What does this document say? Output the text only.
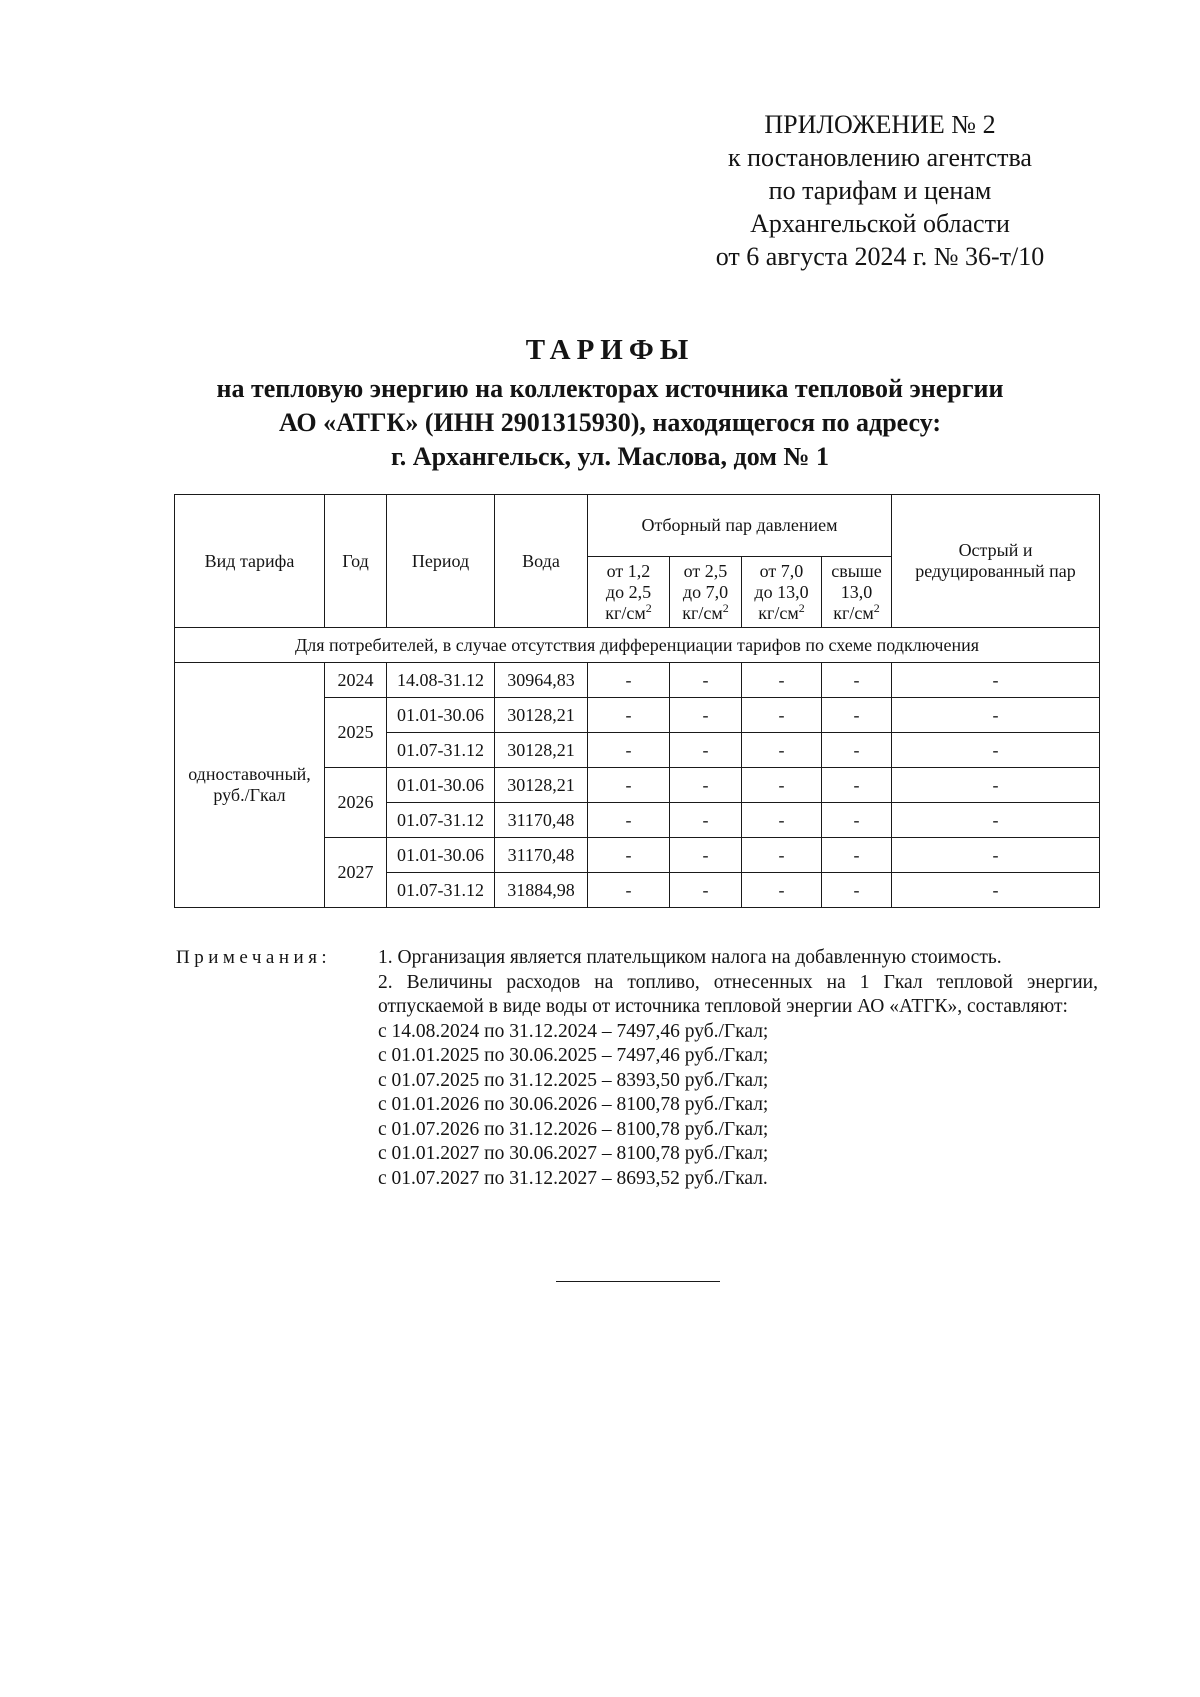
ПРИЛОЖЕНИЕ № 2
к постановлению агентства
по тарифам и ценам
Архангельской области
от 6 августа 2024 г. № 36-т/10
ТАРИФЫ
на тепловую энергию на коллекторах источника тепловой энергии
АО «АТГК» (ИНН 2901315930), находящегося по адресу:
г. Архангельск, ул. Маслова, дом № 1
Вид тарифа	Год	Период	Вода	Отборный пар давлением				Острый и редуцированный пар
				от 1,2
до 2,5
$кг/см^2$	от 2,5
до 7,0
$кг/см^2$	от 7,0
до 13,0
$кг/см^2$	свыше
13,0
$кг/см^2$
Для потребителей, в случае отсутствия дифференциации тарифов по схеме подключения								
одноставочный,
руб./Гкал	2024	14.08-31.12	30964,83	-	-	-	-	-
	2025	01.01-30.06	30128,21	-	-	-	-	-
		01.07-31.12	30128,21	-	-	-	-	-
	2026	01.01-30.06	30128,21	-	-	-	-	-
		01.07-31.12	31170,48	-	-	-	-	-
	2027	01.01-30.06	31170,48	-	-	-	-	-
		01.07-31.12	31884,98	-	-	-	-	-
Примечания: 1. Организация является плательщиком налога на добавленную стоимость.
2. Величины расходов на топливо, отнесенных на 1 Гкал тепловой энергии, отпускаемой в виде воды от источника тепловой энергии АО «АТГК», составляют:
с 14.08.2024 по 31.12.2024 – 7497,46 руб./Гкал;
с 01.01.2025 по 30.06.2025 – 7497,46 руб./Гкал;
с 01.07.2025 по 31.12.2025 – 8393,50 руб./Гкал;
с 01.01.2026 по 30.06.2026 – 8100,78 руб./Гкал;
с 01.07.2026 по 31.12.2026 – 8100,78 руб./Гкал;
с 01.01.2027 по 30.06.2027 – 8100,78 руб./Гкал;
с 01.07.2027 по 31.12.2027 – 8693,52 руб./Гкал.
